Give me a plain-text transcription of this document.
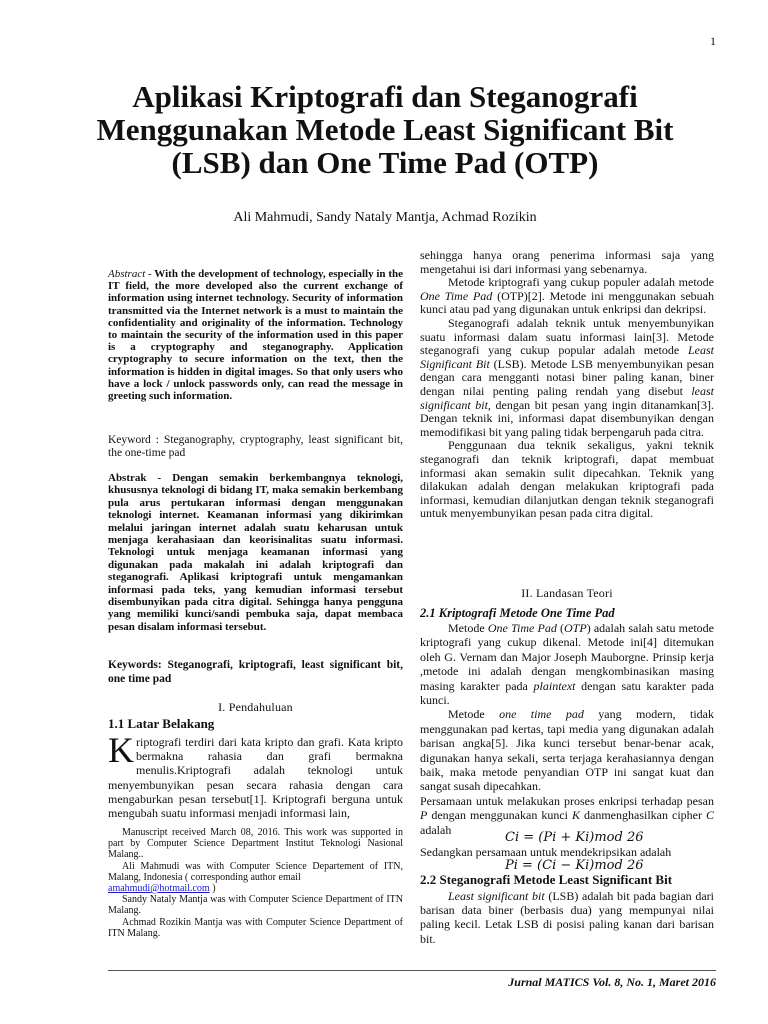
1
Aplikasi Kriptografi dan Steganografi
Menggunakan Metode Least Significant Bit
(LSB) dan One Time Pad (OTP)
Ali Mahmudi, Sandy Nataly Mantja, Achmad Rozikin
Abstract - With the development of technology, especially in the IT field, the more developed also the current exchange of information using internet technology. Security of information transmitted via the Internet network is a must to maintain the confidentiality and originality of the information. Technology to maintain the security of the information used in this paper is a cryptography and steganography. Application cryptography to secure information on the text, then the information is hidden in digital images. So that only users who have a lock / unlock passwords only, can read the message in greeting such information.
Keyword : Steganography, cryptography, least significant bit, the one-time pad
Abstrak - Dengan semakin berkembangnya teknologi, khususnya teknologi di bidang IT, maka semakin berkembang pula arus pertukaran informasi dengan menggunakan teknologi internet. Keamanan informasi yang dikirimkan melalui jaringan internet adalah suatu keharusan untuk menjaga kerahasiaan dan keorisinalitas suatu informasi. Teknologi untuk menjaga keamanan informasi yang digunakan pada makalah ini adalah kriptografi dan steganografi. Aplikasi kriptografi untuk mengamankan informasi pada teks, yang kemudian informasi tersebut disembunyikan pada citra digital. Sehingga hanya pengguna yang memiliki kunci/sandi pembuka saja, dapat membaca pesan disalam informasi tersebut.
Keywords: Steganografi, kriptografi, least significant bit, one time pad
I. Pendahuluan
1.1 Latar Belakang
Kriptografi terdiri dari kata kripto dan grafi. Kata kripto bermakna rahasia dan grafi bermakna menulis.Kriptografi adalah teknologi untuk menyembunyikan pesan secara rahasia dengan cara mengaburkan pesan tersebut[1]. Kriptografi berguna untuk mengubah suatu informasi menjadi informasi lain,

Manuscript received March 08, 2016. This work was supported in part by Computer Science Department Institut Teknologi Nasional Malang..

Ali Mahmudi was with Computer Science Departement of ITN, Malang, Indonesia ( corresponding author email
amahmudi@hotmail.com )

Sandy Nataly Mantja was with Computer Science Department of ITN Malang.

Achmad Rozikin Mantja was with Computer Science Department of ITN Malang.

sehingga hanya orang penerima informasi saja yang mengetahui isi dari informasi yang sebenarnya.

Metode kriptografi yang cukup populer adalah metode One Time Pad (OTP)[2]. Metode ini menggunakan sebuah kunci atau pad yang digunakan untuk enkripsi dan dekripsi.

Steganografi adalah teknik untuk menyembunyikan suatu informasi dalam suatu informasi lain[3]. Metode steganografi yang cukup popular adalah metode Least Significant Bit (LSB). Metode LSB menyembunyikan pesan dengan cara mengganti notasi biner paling kanan, biner dengan nilai penting paling rendah yang disebut least significant bit, dengan bit pesan yang ingin ditanamkan[3]. Dengan teknik ini, informasi dapat disembunyikan dengan memodifikasi bit yang paling tidak berpengaruh pada citra.

Penggunaan dua teknik sekaligus, yakni teknik steganografi dan teknik kriptografi, dapat membuat informasi akan semakin sulit dipecahkan. Teknik yang dilakukan adalah dengan melakukan kriptografi pada informasi, kemudian dilanjutkan dengan teknik steganografi untuk menyembunyikan pesan pada citra digital.

II. Landasan Teori
2.1 Kriptografi Metode One Time Pad

Metode One Time Pad (OTP) adalah salah satu metode kriptografi yang cukup dikenal. Metode ini[4] ditemukan oleh G. Vernam dan Major Joseph Mauborgne. Prinsip kerja ,metode ini adalah dengan mengkombinasikan masing masing karakter pada plaintext dengan satu karakter pada kunci.

Metode one time pad yang modern, tidak menggunakan pad kertas, tapi media yang digunakan adalah barisan angka[5]. Jika kunci tersebut benar-benar acak, digunakan hanya sekali, serta terjaga kerahasiannya dengan baik, maka metode penyandian OTP ini sangat kuat dan sangat susah dipecahkan.

Persamaan untuk melakukan proses enkripsi terhadap pesan P dengan menggunakan kunci K danmenghasilkan cipher C adalah

Ci = (Pi + Ki)mod 26
Sedangkan persamaan untuk mendekripsikan adalah
Pi = (Ci − Ki)mod 26
2.2 Steganografi Metode Least Significant Bit

Least significant bit (LSB) adalah bit pada bagian dari barisan data biner (berbasis dua) yang mempunyai nilai paling kecil. Letak LSB di posisi paling kanan dari barisan bit.

Jurnal MATICS Vol. 8, No. 1, Maret 2016
